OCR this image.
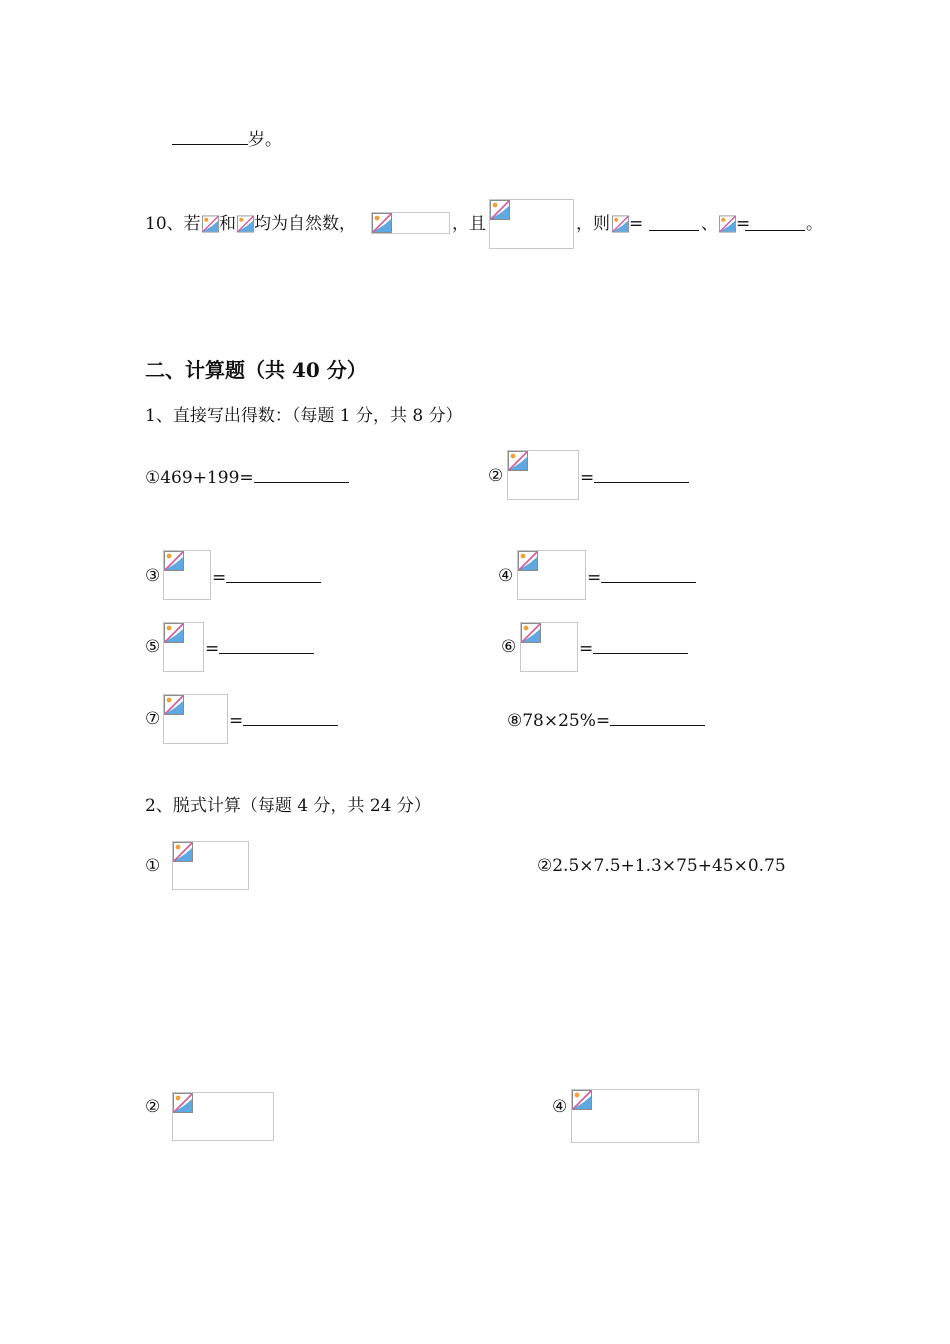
岁。
10、若 和 均为自然数，	，且	，则 =	、 =	。
二、计算题（共 40 分）
1、直接写出得数：（每题 1 分，共 8 分）
①469+199=	②	=
③	=	④	=
⑤	=	⑥	=
⑦	=	⑧78×25%=
2、脱式计算（每题 4 分，共 24 分）
①	②2.5×7.5+1.3×75+45×0.75
②	④
